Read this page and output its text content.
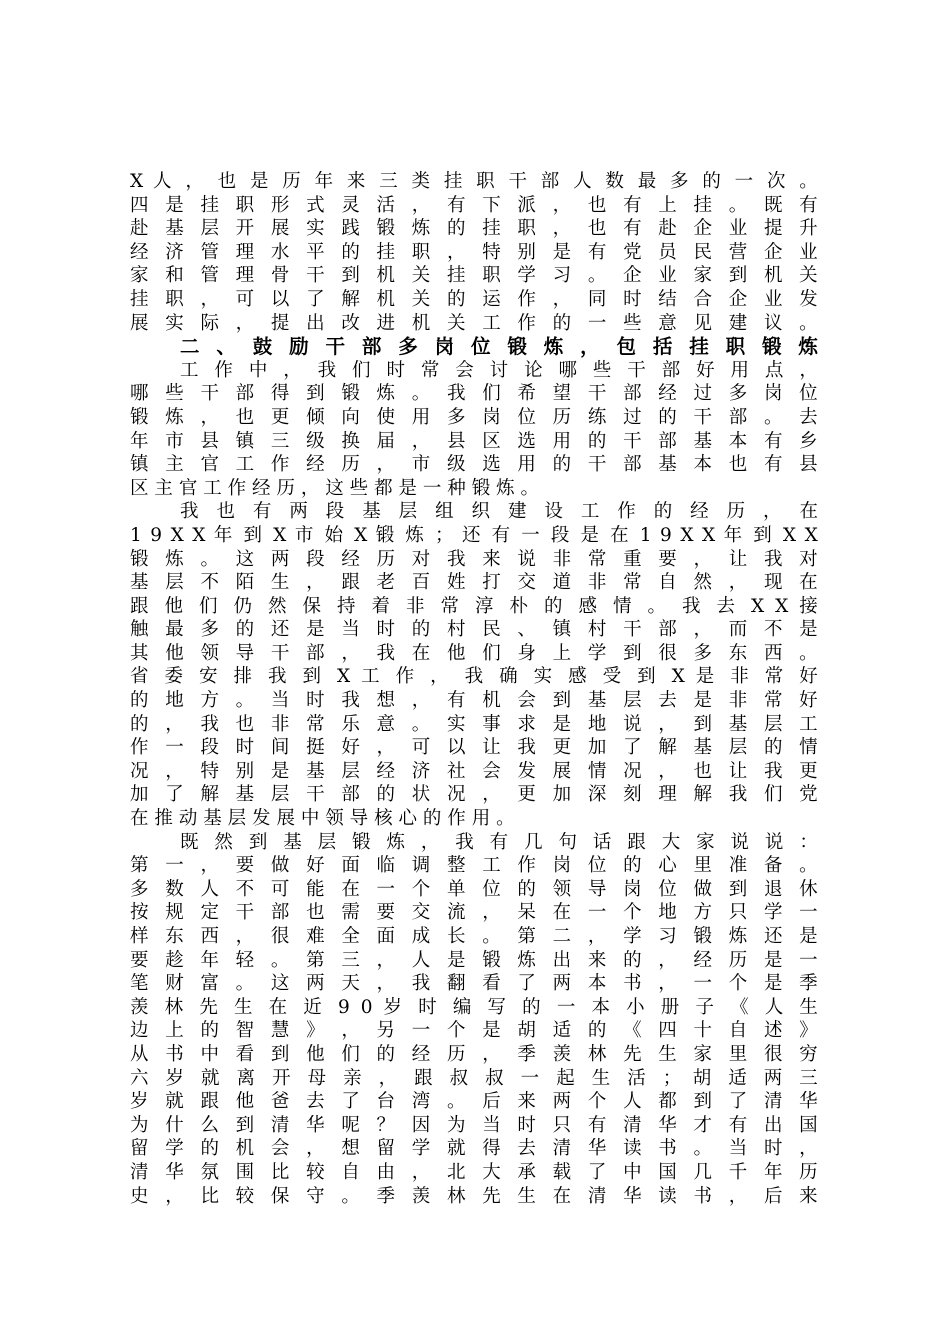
X 人 ， 也 是 历 年 来 三 类 挂 职 干 部 人 数 最 多 的 一 次 。
四 是 挂 职 形 式 灵 活 ， 有 下 派 ， 也 有 上 挂 。 既 有
赴 基 层 开 展 实 践 锻 炼 的 挂 职 ， 也 有 赴 企 业 提 升
经 济 管 理 水 平 的 挂 职 ， 特 别 是 有 党 员 民 营 企 业
家 和 管 理 骨 干 到 机 关 挂 职 学 习 。 企 业 家 到 机 关
挂 职 ， 可 以 了 解 机 关 的 运 作 ， 同 时 结 合 企 业 发
展 实 际 ， 提 出 改 进 机 关 工 作 的 一 些 意 见 建 议 。
二 、 鼓 励 干 部 多 岗 位 锻 炼 ， 包 括 挂 职 锻 炼
工 作 中 ， 我 们 时 常 会 讨 论 哪 些 干 部 好 用 点 ，
哪 些 干 部 得 到 锻 炼 。 我 们 希 望 干 部 经 过 多 岗 位
锻 炼 ， 也 更 倾 向 使 用 多 岗 位 历 练 过 的 干 部 。 去
年 市 县 镇 三 级 换 届 ， 县 区 选 用 的 干 部 基 本 有 乡
镇 主 官 工 作 经 历 ， 市 级 选 用 的 干 部 基 本 也 有 县
区 主 官 工 作 经 历 ， 这 些 都 是 一 种 锻 炼 。
我 也 有 两 段 基 层 组 织 建 设 工 作 的 经 历 ， 在
1 9 X X 年 到 X 市 始 X 锻 炼 ； 还 有 一 段 是 在 1 9 X X 年 到 X X
锻 炼 。 这 两 段 经 历 对 我 来 说 非 常 重 要 ， 让 我 对
基 层 不 陌 生 ， 跟 老 百 姓 打 交 道 非 常 自 然 ， 现 在
跟 他 们 仍 然 保 持 着 非 常 淳 朴 的 感 情 。 我 去 X X 接
触 最 多 的 还 是 当 时 的 村 民 、 镇 村 干 部 ， 而 不 是
其 他 领 导 干 部 ， 我 在 他 们 身 上 学 到 很 多 东 西 。
省 委 安 排 我 到 X 工 作 ， 我 确 实 感 受 到 X 是 非 常 好
的 地 方 。 当 时 我 想 ， 有 机 会 到 基 层 去 是 非 常 好
的 ， 我 也 非 常 乐 意 。 实 事 求 是 地 说 ， 到 基 层 工
作 一 段 时 间 挺 好 ， 可 以 让 我 更 加 了 解 基 层 的 情
况 ， 特 别 是 基 层 经 济 社 会 发 展 情 况 ， 也 让 我 更
加 了 解 基 层 干 部 的 状 况 ， 更 加 深 刻 理 解 我 们 党
在 推 动 基 层 发 展 中 领 导 核 心 的 作 用 。
既 然 到 基 层 锻 炼 ， 我 有 几 句 话 跟 大 家 说 说 ：
第 一 ， 要 做 好 面 临 调 整 工 作 岗 位 的 心 里 准 备 。
多 数 人 不 可 能 在 一 个 单 位 的 领 导 岗 位 做 到 退 休
按 规 定 干 部 也 需 要 交 流 ， 呆 在 一 个 地 方 只 学 一
样 东 西 ， 很 难 全 面 成 长 。 第 二 ， 学 习 锻 炼 还 是
要 趁 年 轻 。 第 三 ， 人 是 锻 炼 出 来 的 ， 经 历 是 一
笔 财 富 。 这 两 天 ， 我 翻 看 了 两 本 书 ， 一 个 是 季
羡 林 先 生 在 近 9 0 岁 时 编 写 的 一 本 小 册 子 《 人 生
边 上 的 智 慧 》 ， 另 一 个 是 胡 适 的 《 四 十 自 述 》
从 书 中 看 到 他 们 的 经 历 ， 季 羡 林 先 生 家 里 很 穷
六 岁 就 离 开 母 亲 ， 跟 叔 叔 一 起 生 活 ； 胡 适 两 三
岁 就 跟 他 爸 去 了 台 湾 。 后 来 两 个 人 都 到 了 清 华
为 什 么 到 清 华 呢 ？ 因 为 当 时 只 有 清 华 才 有 出 国
留 学 的 机 会 ， 想 留 学 就 得 去 清 华 读 书 。 当 时 ，
清 华 氛 围 比 较 自 由 ， 北 大 承 载 了 中 国 几 千 年 历
史 ， 比 较 保 守 。 季 羡 林 先 生 在 清 华 读 书 ， 后 来
